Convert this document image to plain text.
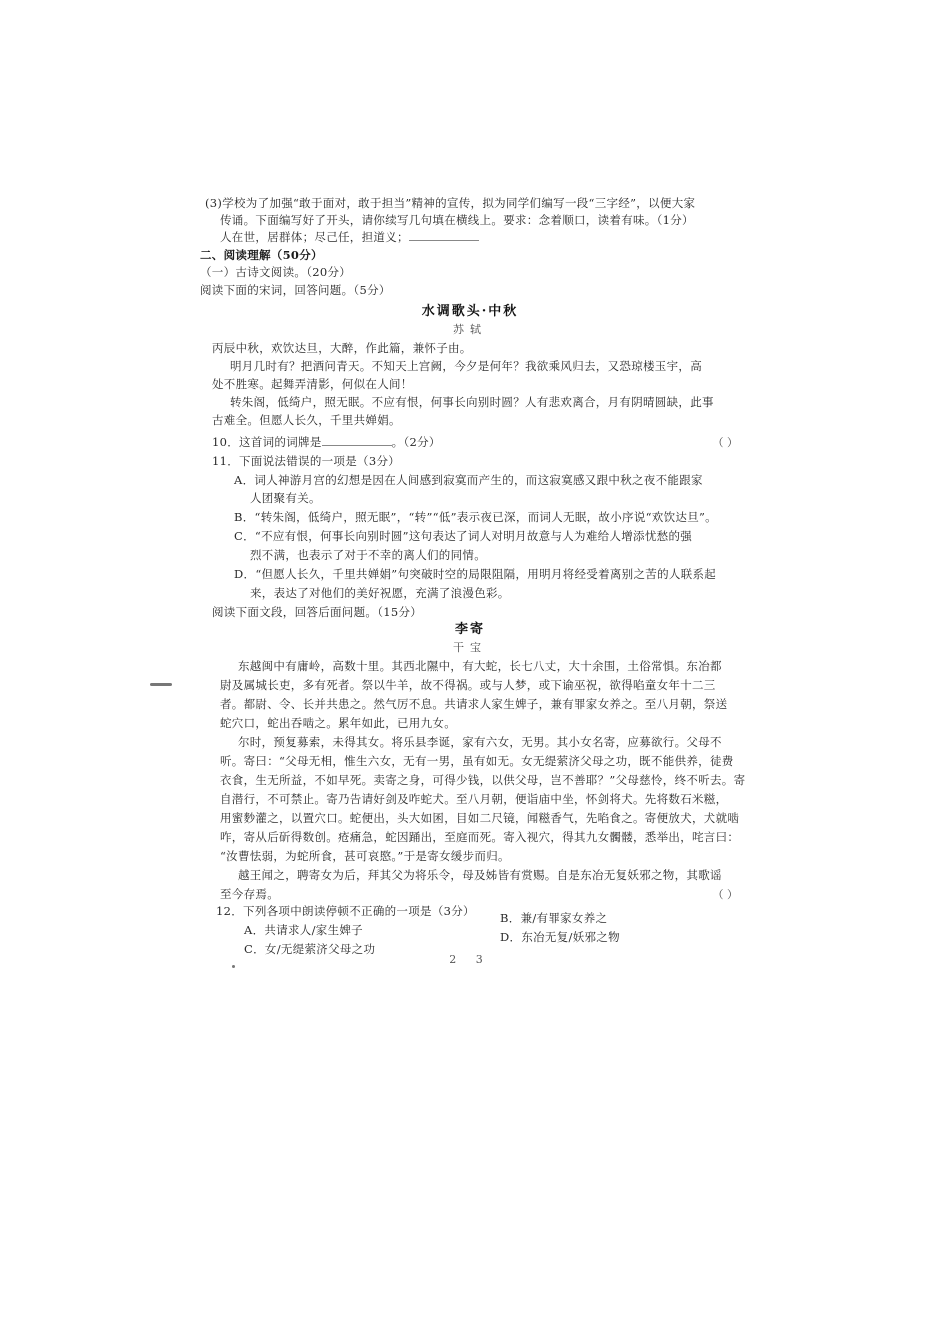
(3)学校为了加强“敢于面对，敢于担当”精神的宣传，拟为同学们编写一段“三字经”，以便大家
传诵。下面编写好了开头，请你续写几句填在横线上。要求：念着顺口，读着有味。（1分）
人在世，居群体；尽己任，担道义；
二、阅读理解（50分）
（一）古诗文阅读。（20分）
阅读下面的宋词，回答问题。（5分）
丙辰中秋，欢饮达旦，大醉，作此篇，兼怀子由。
明月几时有？把酒问青天。不知天上宫阙，今夕是何年？我欲乘风归去，又恐琼楼玉宇，高
处不胜寒。起舞弄清影，何似在人间！
转朱阁，低绮户，照无眠。不应有恨，何事长向别时圆？人有悲欢离合，月有阴晴圆缺，此事
古难全。但愿人长久，千里共婵娟。
10．这首词的词牌是	。（2分）
11．下面说法错误的一项是（3分）
A．词人神游月宫的幻想是因在人间感到寂寞而产生的，而这寂寞感又跟中秋之夜不能跟家
人团聚有关。
B．“转朱阁，低绮户，照无眠”，“转”“低”表示夜已深，而词人无眠，故小序说“欢饮达旦”。
C．“不应有恨，何事长向别时圆”这句表达了词人对明月故意与人为难给人增添忧愁的强
烈不满，也表示了对于不幸的离人们的同情。
D．“但愿人长久，千里共婵娟”句突破时空的局限阻隔，用明月将经受着离别之苦的人联系起
来，表达了对他们的美好祝愿，充满了浪漫色彩。
阅读下面文段，回答后面问题。（15分）
东越闽中有庸岭，高数十里。其西北隰中，有大蛇，长七八丈，大十余围，土俗常惧。东冶都
尉及属城长吏，多有死者。祭以牛羊，故不得祸。或与人梦，或下谕巫祝，欲得啗童女年十二三
者。都尉、令、长并共患之。然气厉不息。共请求人家生婢子，兼有罪家女养之。至八月朝，祭送
蛇穴口，蛇出吞啮之。累年如此，已用九女。
尔时，预复募索，未得其女。将乐县李诞，家有六女，无男。其小女名寄，应募欲行。父母不
听。寄曰：“父母无相，惟生六女，无有一男，虽有如无。女无缇萦济父母之功，既不能供养，徒费
衣食，生无所益，不如早死。卖寄之身，可得少钱，以供父母，岂不善耶？”父母慈怜，终不听去。寄
自潜行，不可禁止。寄乃告请好剑及咋蛇犬。至八月朝，便诣庙中坐，怀剑将犬。先将数石米糍，
用蜜麨灌之，以置穴口。蛇便出，头大如囷，目如二尺镜，闻糍香气，先啗食之。寄便放犬，犬就啮
咋，寄从后斫得数创。疮痛急，蛇因踊出，至庭而死。寄入视穴，得其九女髑髅，悉举出，咤言曰：
“汝曹怯弱，为蛇所食，甚可哀愍。”于是寄女缓步而归。
越王闻之，聘寄女为后，拜其父为将乐令，母及姊皆有赏赐。自是东冶无复妖邪之物，其歌谣
至今存焉。
12．下列各项中朗读停顿不正确的一项是（3分）
水调歌头·中秋
苏轼
（ ）
李寄
干宝
（ ）
A．共请求人/家生婢子
B．兼/有罪家女养之
C．女/无缇萦济父母之功
D．东冶无复/妖邪之物
2 3
